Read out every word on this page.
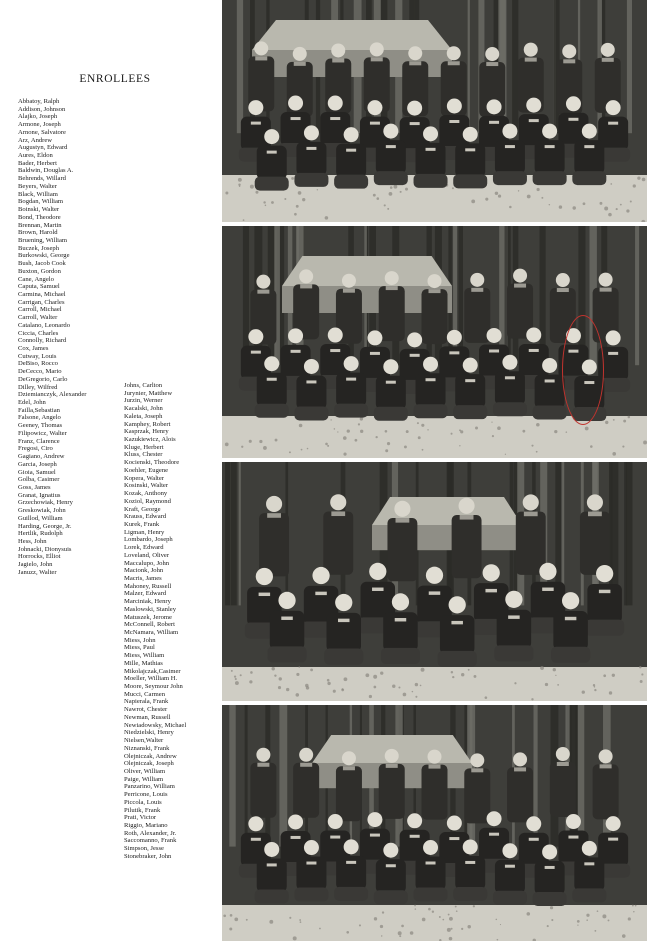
ENROLLEES
Abbatoy, Ralph
Addison, Johnson
Alajko, Joseph
Armone, Joseph
Arnone, Salvatore
Arz, Andrew
Augustyn, Edward
Aures, Eldon
Bader, Herbert
Baldwin, Douglas A.
Behrends, Willard
Beyers, Walter
Black, William
Bogdan, William
Boinski, Walter
Bond, Theodore
Brennan, Martin
Brown, Harold
Bruening, William
Buczek, Joseph
Burkowski, George
Bush, Jacob Cook
Buxton, Gordon
Cane, Angelo
Caputa, Samuel
Carmina, Michael
Carrigan, Charles
Carroll, Michael
Carroll, Walter
Catalano, Leonardo
Ciccia, Charles
Connolly, Richard
Cox, James
Cutway, Louis
DeBiso, Rocco
DeCecco, Mario
DeGregorio, Carlo
Dilley, Wilfred
Dziemianczyk, Alexander
Edel, John
Failla,Sebastian
Falsone, Angelo
Geeney, Thomas
Filipowicz, Walter
Franz, Clarence
Fregosi, Ciro
Gagiano, Andrew
Garcia, Joseph
Gioia, Samuel
Golba, Casimer
Goss, James
Granat, Ignatius
Grzechowiak, Henry
Greskowiak, John
Guillod, William
Harding, George, Jr.
Hertlik, Rudolph
Hess, John
Johnacki, Dionysuis
Horrocks, Elliot
Jagielo, John
Januzz, Walter
Johns, Carlton
Jurynier, Matthew
Jurzin, Werner
Kacalski, John
Kaleta, Joseph
Kamphey, Robert
Kasprzak, Henry
Kazukiewicz, Alois
Kluge, Herbert
Kluss, Chester
Kocienski, Theodore
Koehler, Eugene
Kopera, Walter
Kosinski, Walter
Kozak, Anthony
Koziol, Raymond
Kraft, George
Krauss, Edward
Kurek, Frank
Ligman, Henry
Lombardo, Joseph
Lorek, Edward
Loveland, Oliver
Maccalupo, John
Macionk, John
Macris, James
Mahoney, Russell
Malzer, Edward
Marciniak, Henry
Maslowski, Stanley
Matuszek, Jerome
McConnell, Robert
McNamara, William
Miess, John
Miess, Paul
Miess, William
Mille, Mathias
Mikolajczak,Casimer
Moeller, William H.
Moore, Seymour John
Mucci, Carmen
Napierala, Frank
Nawrot, Chester
Newman, Russell
Newiadowsky, Michael
Niedzielski, Henry
Nielsen,Walter
Niznanski, Frank
Olejniczak, Andrew
Olejniczak, Joseph
Oliver, William
Paige, William
Panzarino, William
Perricone, Louis
Piccola, Louis
Pilutik, Frank
Prati, Victor
Riggio, Mariano
Roth, Alexander, Jr.
Saccomanno, Frank
Simpson, Jesse
Stonebraker, John
